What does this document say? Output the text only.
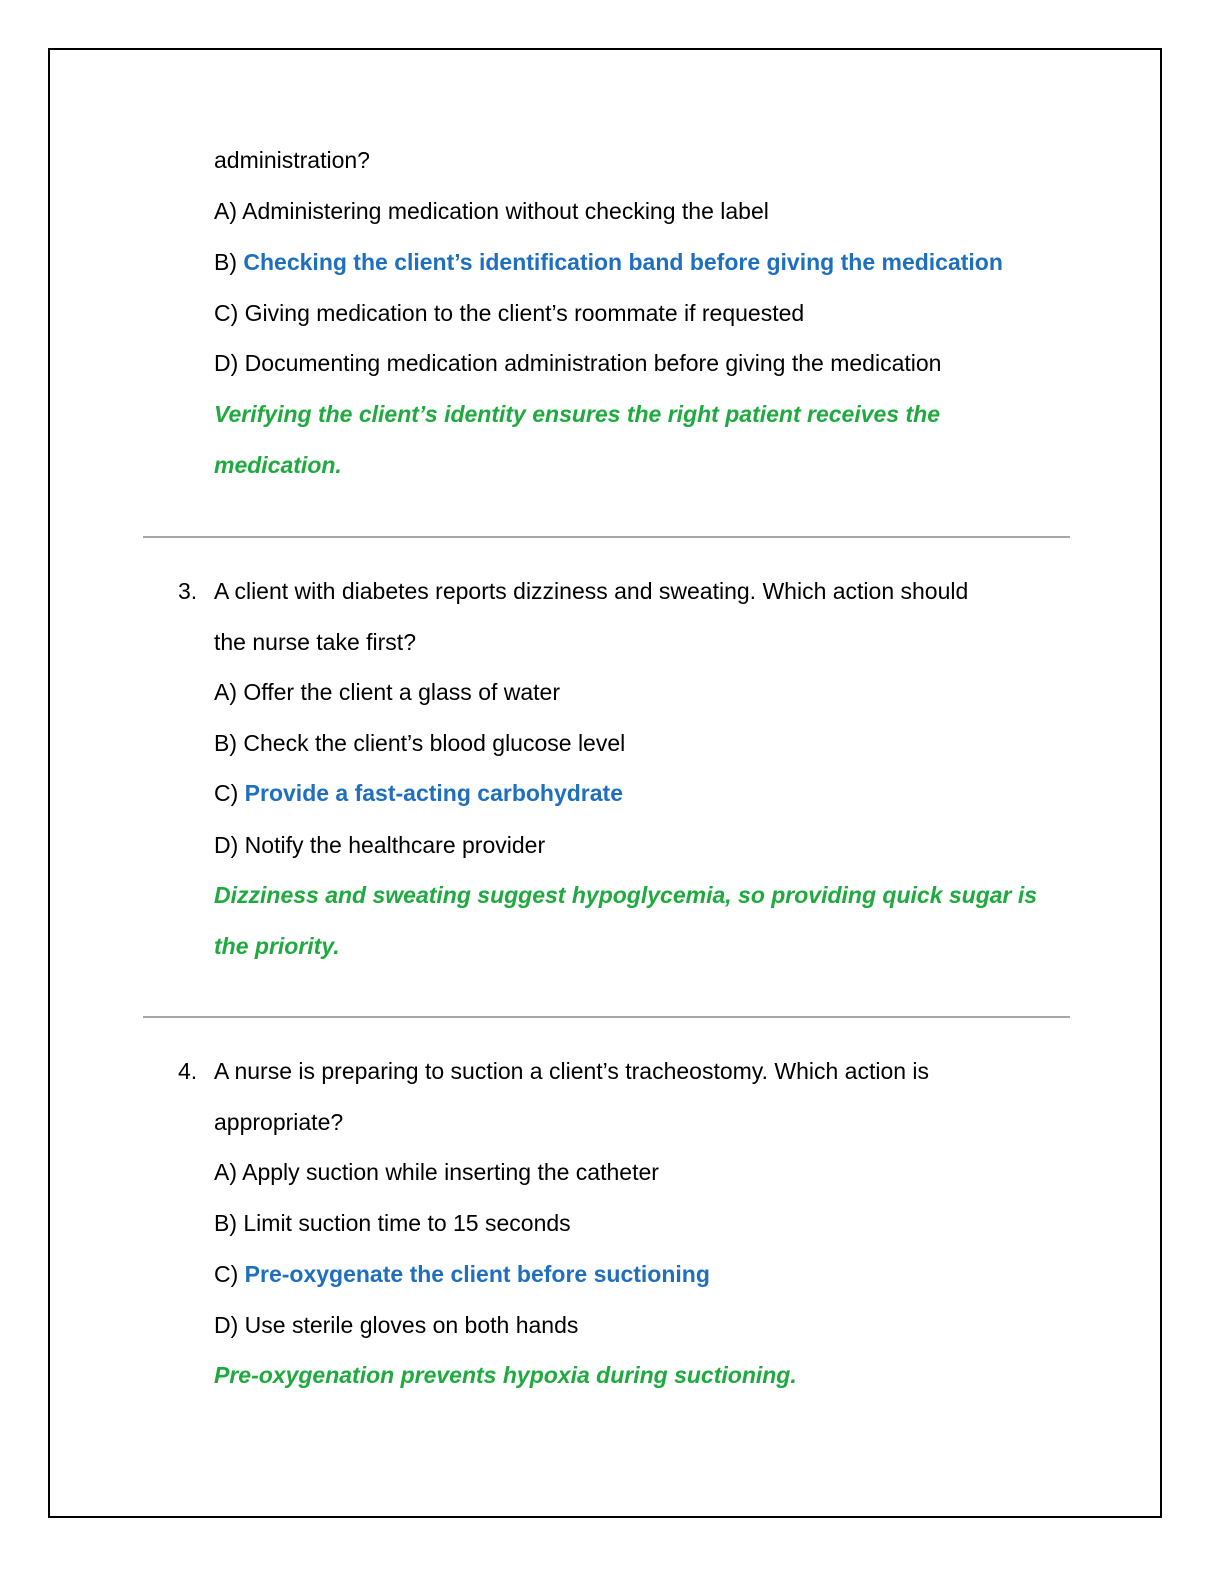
administration?
A) Administering medication without checking the label
B) Checking the client’s identification band before giving the medication
C) Giving medication to the client’s roommate if requested
D) Documenting medication administration before giving the medication
Verifying the client’s identity ensures the right patient receives the
medication.
3. A client with diabetes reports dizziness and sweating. Which action should
the nurse take first?
A) Offer the client a glass of water
B) Check the client’s blood glucose level
C) Provide a fast-acting carbohydrate
D) Notify the healthcare provider
Dizziness and sweating suggest hypoglycemia, so providing quick sugar is
the priority.
4. A nurse is preparing to suction a client’s tracheostomy. Which action is
appropriate?
A) Apply suction while inserting the catheter
B) Limit suction time to 15 seconds
C) Pre-oxygenate the client before suctioning
D) Use sterile gloves on both hands
Pre-oxygenation prevents hypoxia during suctioning.
